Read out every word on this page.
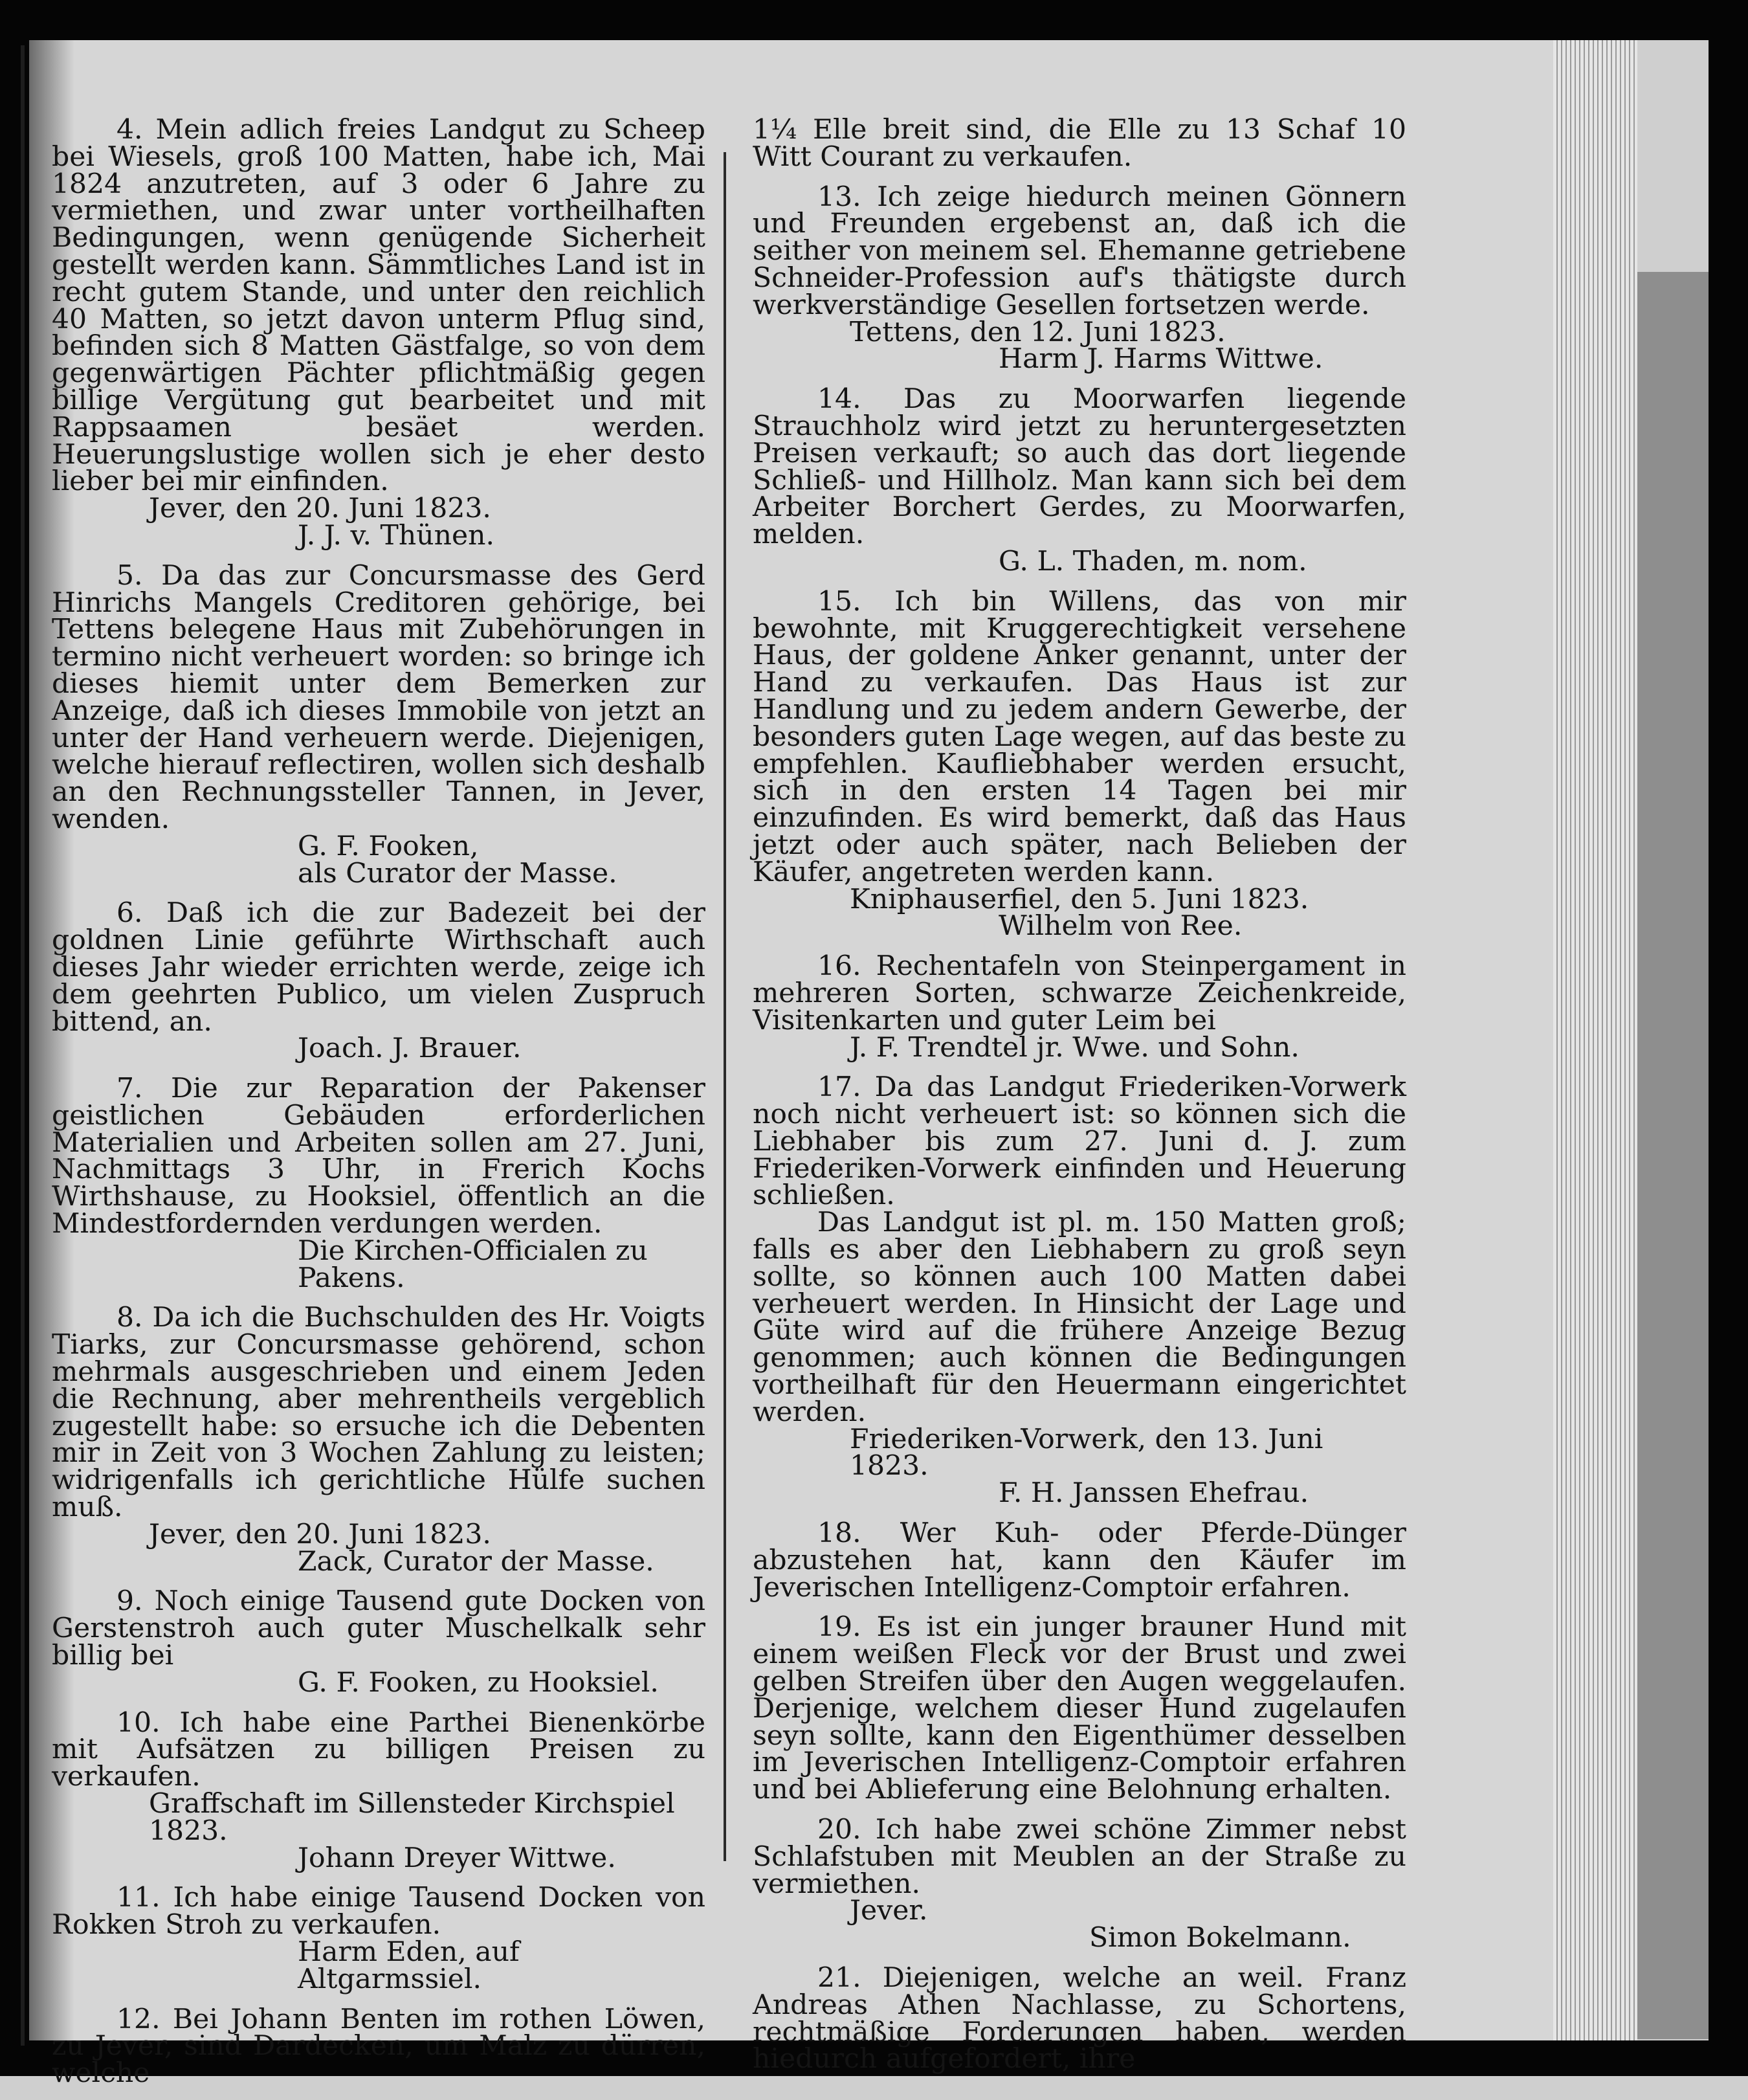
4. Mein adlich freies Landgut zu Scheep bei Wiesels, groß 100 Matten, habe ich, Mai 1824 anzutreten, auf 3 oder 6 Jahre zu vermiethen, und zwar unter vortheilhaften Bedingungen, wenn genügende Sicherheit gestellt werden kann. Sämmtliches Land ist in recht gutem Stande, und unter den reichlich 40 Matten, so jetzt davon unterm Pflug sind, befinden sich 8 Matten Gästfalge, so von dem gegenwärtigen Pächter pflichtmäßig gegen billige Vergütung gut bearbeitet und mit Rappsaamen besäet werden. Heuerungslustige wollen sich je eher desto lieber bei mir einfinden.

Jever, den 20. Juni 1823.
J. J. v. Thünen.

5. Da das zur Concursmasse des Gerd Hinrichs Mangels Creditoren gehörige, bei Tettens belegene Haus mit Zubehörungen in termino nicht verheuert worden: so bringe ich dieses hiemit unter dem Bemerken zur Anzeige, daß ich dieses Immobile von jetzt an unter der Hand verheuern werde. Diejenigen, welche hierauf reflectiren, wollen sich deshalb an den Rechnungssteller Tannen, in Jever, wenden.

G. F. Fooken,
als Curator der Masse.

6. Daß ich die zur Badezeit bei der goldnen Linie geführte Wirthschaft auch dieses Jahr wieder errichten werde, zeige ich dem geehrten Publico, um vielen Zuspruch bittend, an.

Joach. J. Brauer.

7. Die zur Reparation der Pakenser geistlichen Gebäuden erforderlichen Materialien und Arbeiten sollen am 27. Juni, Nachmittags 3 Uhr, in Frerich Kochs Wirthshause, zu Hooksiel, öffentlich an die Mindestfordernden verdungen werden.

Die Kirchen-Officialen zu Pakens.

8. Da ich die Buchschulden des Hr. Voigts Tiarks, zur Concursmasse gehörend, schon mehrmals ausgeschrieben und einem Jeden die Rechnung, aber mehrentheils vergeblich zugestellt habe: so ersuche ich die Debenten mir in Zeit von 3 Wochen Zahlung zu leisten; widrigenfalls ich gerichtliche Hülfe suchen muß.

Jever, den 20. Juni 1823.
Zack, Curator der Masse.

9. Noch einige Tausend gute Docken von Gerstenstroh auch guter Muschelkalk sehr billig bei

G. F. Fooken, zu Hooksiel.

10. Ich habe eine Parthei Bienenkörbe mit Aufsätzen zu billigen Preisen zu verkaufen.

Graffschaft im Sillensteder Kirchspiel 1823.
Johann Dreyer Wittwe.

11. Ich habe einige Tausend Docken von Rokken Stroh zu verkaufen.

Harm Eden, auf Altgarmssiel.

12. Bei Johann Benten im rothen Löwen, zu Jever, sind Dardecken, um Malz zu dürren, welche

1¼ Elle breit sind, die Elle zu 13 Schaf 10 Witt Courant zu verkaufen.

13. Ich zeige hiedurch meinen Gönnern und Freunden ergebenst an, daß ich die seither von meinem sel. Ehemanne getriebene Schneider-Profession auf's thätigste durch werkverständige Gesellen fortsetzen werde.

Tettens, den 12. Juni 1823.
Harm J. Harms Wittwe.

14. Das zu Moorwarfen liegende Strauchholz wird jetzt zu heruntergesetzten Preisen verkauft; so auch das dort liegende Schließ- und Hillholz. Man kann sich bei dem Arbeiter Borchert Gerdes, zu Moorwarfen, melden.

G. L. Thaden, m. nom.

15. Ich bin Willens, das von mir bewohnte, mit Kruggerechtigkeit versehene Haus, der goldene Anker genannt, unter der Hand zu verkaufen. Das Haus ist zur Handlung und zu jedem andern Gewerbe, der besonders guten Lage wegen, auf das beste zu empfehlen. Kaufliebhaber werden ersucht, sich in den ersten 14 Tagen bei mir einzufinden. Es wird bemerkt, daß das Haus jetzt oder auch später, nach Belieben der Käufer, angetreten werden kann.

Kniphauserfiel, den 5. Juni 1823.
Wilhelm von Ree.

16. Rechentafeln von Steinpergament in mehreren Sorten, schwarze Zeichenkreide, Visitenkarten und guter Leim bei

J. F. Trendtel jr. Wwe. und Sohn.

17. Da das Landgut Friederiken-Vorwerk noch nicht verheuert ist: so können sich die Liebhaber bis zum 27. Juni d. J. zum Friederiken-Vorwerk einfinden und Heuerung schließen.

Das Landgut ist pl. m. 150 Matten groß; falls es aber den Liebhabern zu groß seyn sollte, so können auch 100 Matten dabei verheuert werden. In Hinsicht der Lage und Güte wird auf die frühere Anzeige Bezug genommen; auch können die Bedingungen vortheilhaft für den Heuermann eingerichtet werden.

Friederiken-Vorwerk, den 13. Juni 1823.
F. H. Janssen Ehefrau.

18. Wer Kuh- oder Pferde-Dünger abzustehen hat, kann den Käufer im Jeverischen Intelligenz-Comptoir erfahren.

19. Es ist ein junger brauner Hund mit einem weißen Fleck vor der Brust und zwei gelben Streifen über den Augen weggelaufen. Derjenige, welchem dieser Hund zugelaufen seyn sollte, kann den Eigenthümer desselben im Jeverischen Intelligenz-Comptoir erfahren und bei Ablieferung eine Belohnung erhalten.

20. Ich habe zwei schöne Zimmer nebst Schlafstuben mit Meublen an der Straße zu vermiethen.

Jever.
Simon Bokelmann.

21. Diejenigen, welche an weil. Franz Andreas Athen Nachlasse, zu Schortens, rechtmäßige Forderungen haben, werden hiedurch aufgefordert, ihre
